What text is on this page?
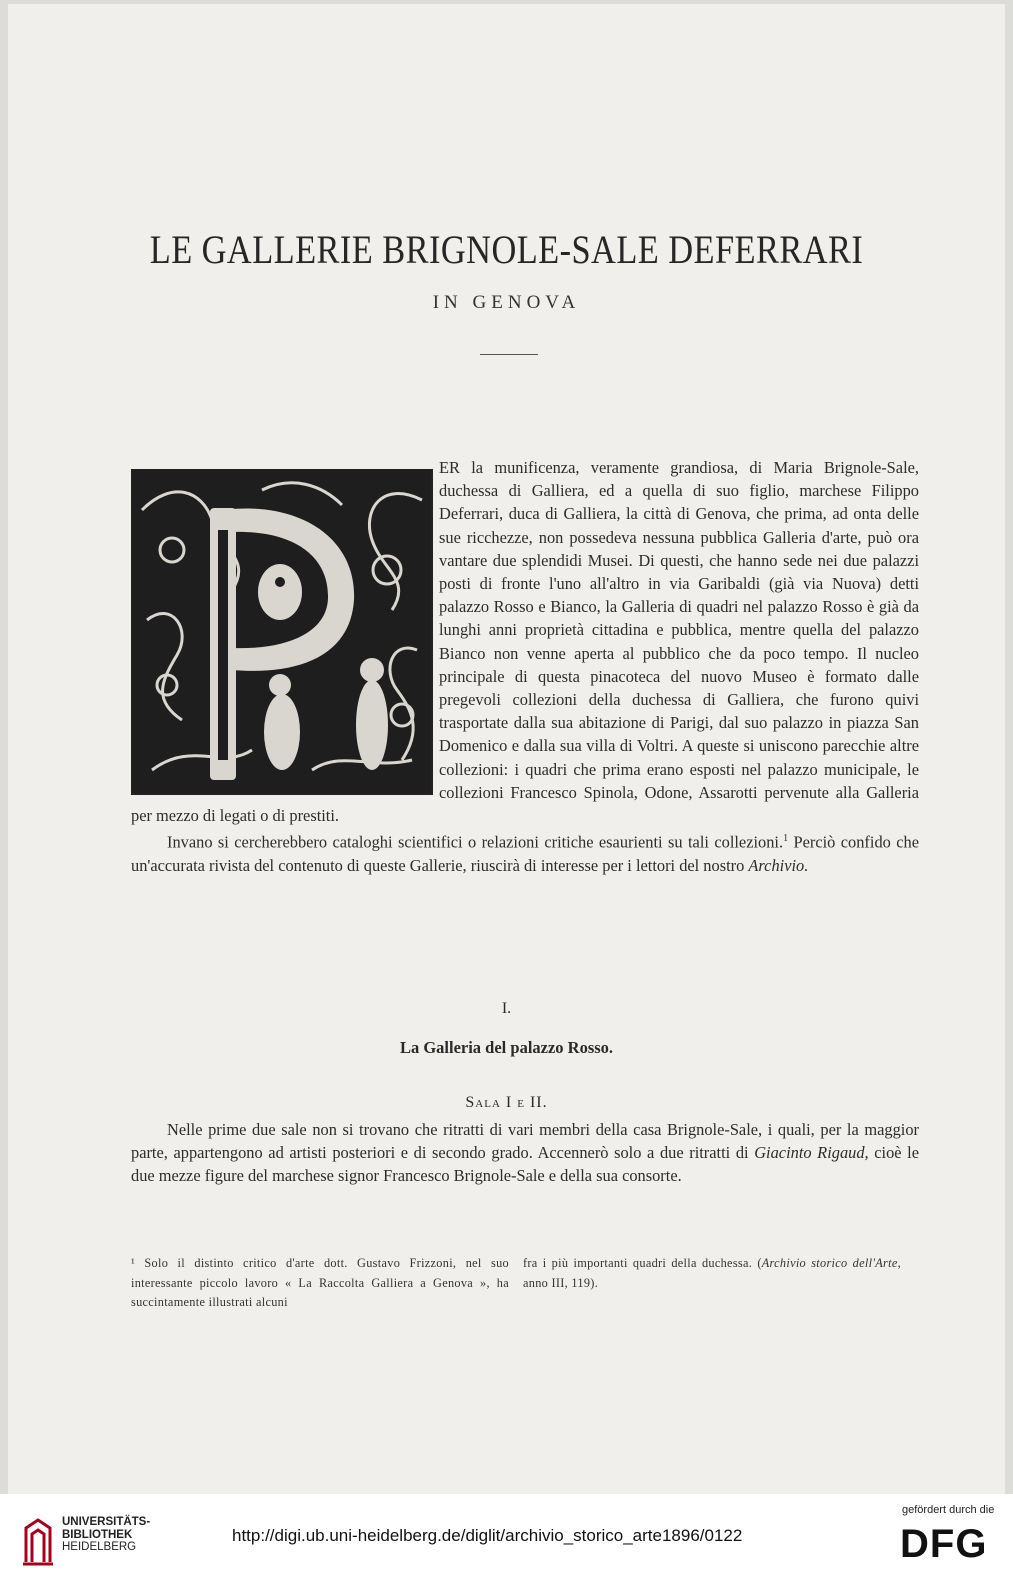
LE GALLERIE BRIGNOLE-SALE DEFERRARI
IN GENOVA

ER la munificenza, veramente grandiosa, di Maria Brignole-Sale, duchessa di Galliera, ed a quella di suo figlio, marchese Filippo Deferrari, duca di Galliera, la città di Genova, che prima, ad onta delle sue ricchezze, non possedeva nessuna pubblica Galleria d'arte, può ora vantare due splendidi Musei. Di questi, che hanno sede nei due palazzi posti di fronte l'uno all'altro in via Garibaldi (già via Nuova) detti palazzo Rosso e Bianco, la Galleria di quadri nel palazzo Rosso è già da lunghi anni proprietà cittadina e pubblica, mentre quella del palazzo Bianco non venne aperta al pubblico che da poco tempo. Il nucleo principale di questa pinacoteca del nuovo Museo è formato dalle pregevoli collezioni della duchessa di Galliera, che furono quivi trasportate dalla sua abitazione di Parigi, dal suo palazzo in piazza San Domenico e dalla sua villa di Voltri. A queste si uniscono parecchie altre collezioni: i quadri che prima erano esposti nel palazzo municipale, le collezioni Francesco Spinola, Odone, Assarotti pervenute alla Galleria per mezzo di legati o di prestiti.

Invano si cercherebbero cataloghi scientifici o relazioni critiche esaurienti su tali collezioni.$^1$ Perciò confido che un'accurata rivista del contenuto di queste Gallerie, riuscirà di interesse per i lettori del nostro Archivio.

I.
La Galleria del palazzo Rosso.
Sala I e II.

Nelle prime due sale non si trovano che ritratti di vari membri della casa Brignole-Sale, i quali, per la maggior parte, appartengono ad artisti posteriori e di secondo grado. Accennerò solo a due ritratti di Giacinto Rigaud, cioè le due mezze figure del marchese signor Francesco Brignole-Sale e della sua consorte.

¹ Solo il distinto critico d'arte dott. Gustavo Frizzoni, nel suo interessante piccolo lavoro « La Raccolta Galliera a Genova », ha succintamente illustrati alcuni
fra i più importanti quadri della duchessa. (Archivio storico dell'Arte, anno III, 119).
UNIVERSITÄTS-
BIBLIOTHEK
HEIDELBERG
http://digi.ub.uni-heidelberg.de/diglit/archivio_storico_arte1896/0122
gefördert durch die
DFG
